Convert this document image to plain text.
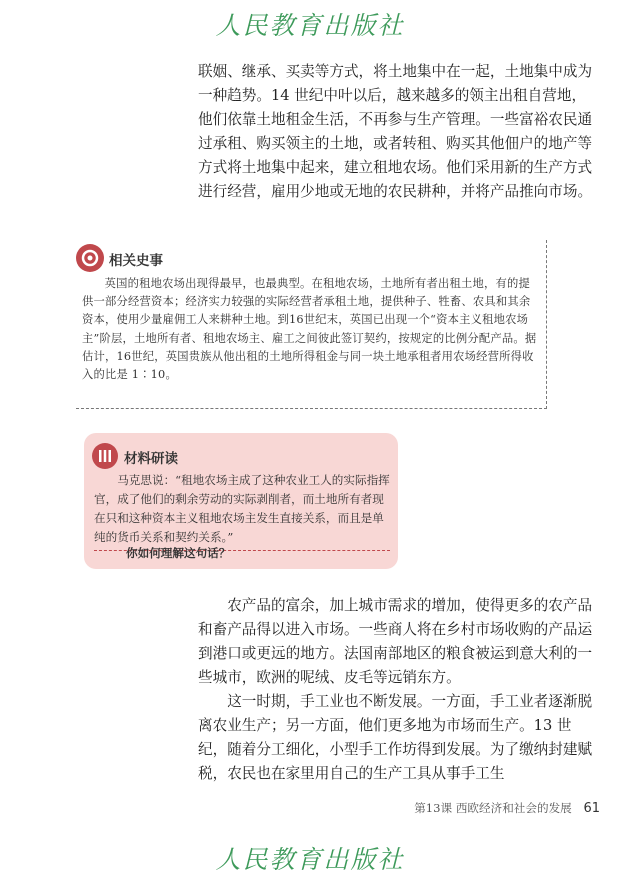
人民教育出版社

联姻、继承、买卖等方式，将土地集中在一起，土地集中成为一种趋势。14 世纪中叶以后，越来越多的领主出租自营地，他们依靠土地租金生活，不再参与生产管理。一些富裕农民通过承租、购买领主的土地，或者转租、购买其他佃户的地产等方式将土地集中起来，建立租地农场。他们采用新的生产方式进行经营，雇用少地或无地的农民耕种，并将产品推向市场。

相关史事
英国的租地农场出现得最早，也最典型。在租地农场，土地所有者出租土地，有的提供一部分经营资本；经济实力较强的实际经营者承租土地，提供种子、牲畜、农具和其余资本，使用少量雇佣工人来耕种土地。到16世纪末，英国已出现一个“资本主义租地农场主”阶层，土地所有者、租地农场主、雇工之间彼此签订契约，按规定的比例分配产品。据估计，16世纪，英国贵族从他出租的土地所得租金与同一块土地承租者用农场经营所得收入的比是 1∶10。
材料研读
马克思说：“租地农场主成了这种农业工人的实际指挥官，成了他们的剩余劳动的实际剥削者，而土地所有者现在只和这种资本主义租地农场主发生直接关系，而且是单纯的货币关系和契约关系。”
你如何理解这句话？

农产品的富余，加上城市需求的增加，使得更多的农产品和畜产品得以进入市场。一些商人将在乡村市场收购的产品运到港口或更远的地方。法国南部地区的粮食被运到意大利的一些城市，欧洲的呢绒、皮毛等远销东方。

这一时期，手工业也不断发展。一方面，手工业者逐渐脱离农业生产；另一方面，他们更多地为市场而生产。13 世纪，随着分工细化，小型手工作坊得到发展。为了缴纳封建赋税，农民也在家里用自己的生产工具从事手工生

第13课 西欧经济和社会的发展 61
人民教育出版社
